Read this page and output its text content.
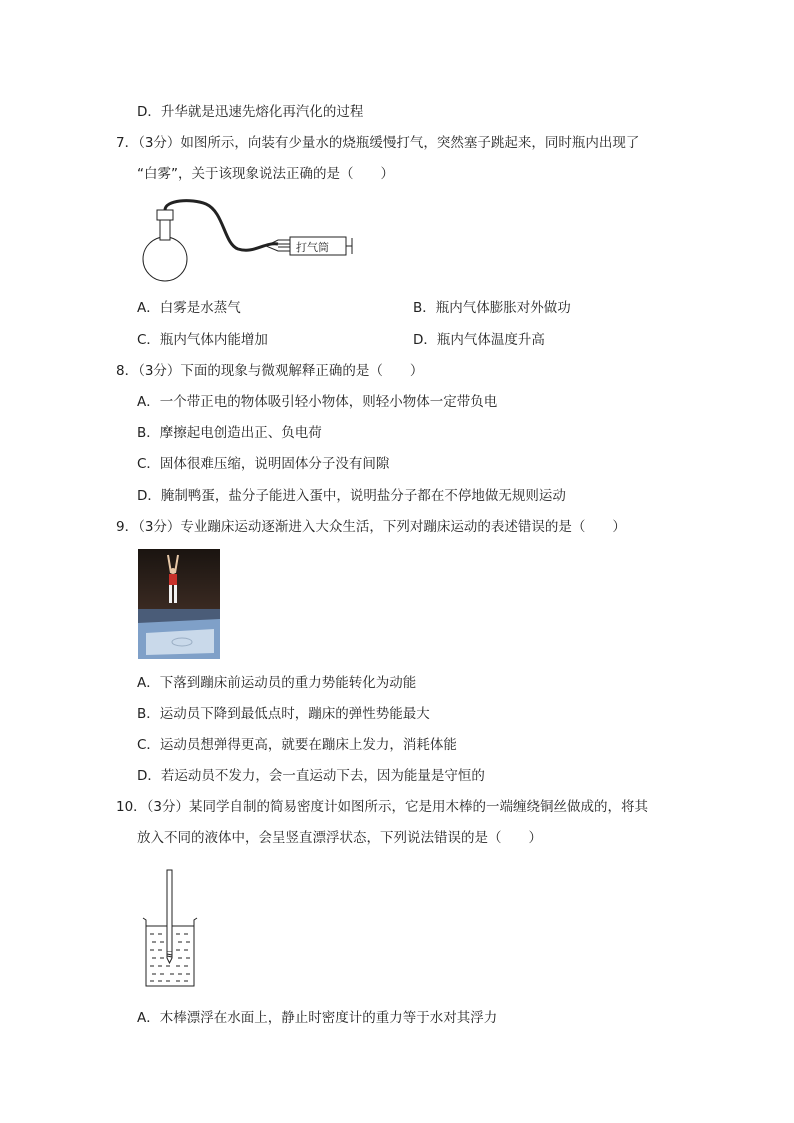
D．升华就是迅速先熔化再汽化的过程
7．（3分）如图所示，向装有少量水的烧瓶缓慢打气，突然塞子跳起来，同时瓶内出现了
“白雾”，关于该现象说法正确的是（　　）
打气筒
A．白雾是水蒸气	B．瓶内气体膨胀对外做功
C．瓶内气体内能增加	D．瓶内气体温度升高
8．（3分）下面的现象与微观解释正确的是（　　）
A．一个带正电的物体吸引轻小物体，则轻小物体一定带负电
B．摩擦起电创造出正、负电荷
C．固体很难压缩，说明固体分子没有间隙
D．腌制鸭蛋，盐分子能进入蛋中，说明盐分子都在不停地做无规则运动
9．（3分）专业蹦床运动逐渐进入大众生活，下列对蹦床运动的表述错误的是（　　）
A．下落到蹦床前运动员的重力势能转化为动能
B．运动员下降到最低点时，蹦床的弹性势能最大
C．运动员想弹得更高，就要在蹦床上发力，消耗体能
D．若运动员不发力，会一直运动下去，因为能量是守恒的
10．（3分）某同学自制的简易密度计如图所示，它是用木棒的一端缠绕铜丝做成的，将其
放入不同的液体中，会呈竖直漂浮状态，下列说法错误的是（　　）
A．木棒漂浮在水面上，静止时密度计的重力等于水对其浮力
